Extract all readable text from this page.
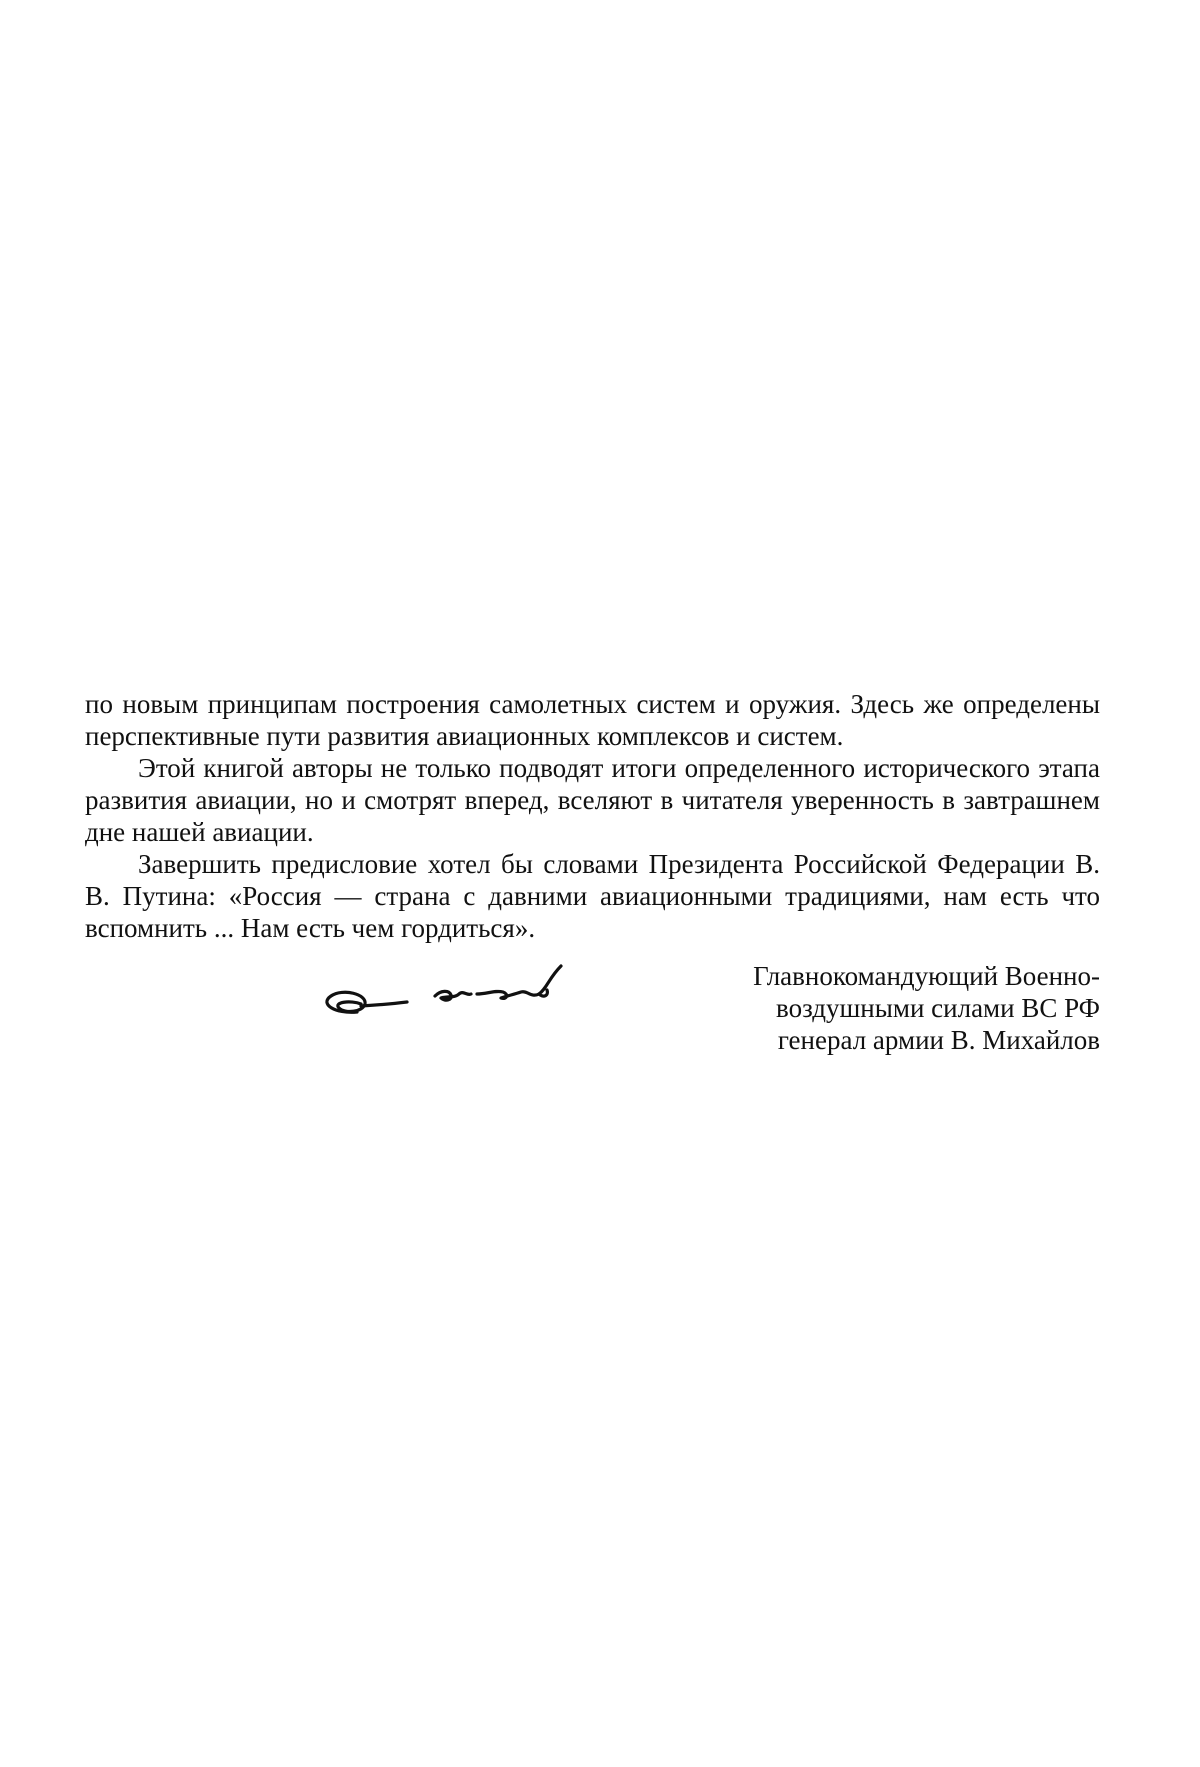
по новым принципам построения самолетных систем и оружия. Здесь же определены перспективные пути развития авиационных комплексов и систем.

Этой книгой авторы не только подводят итоги определенного исторического этапа развития авиации, но и смотрят вперед, вселяют в читателя уверенность в завтрашнем дне нашей авиации.

Завершить предисловие хотел бы словами Президента Российской Федерации В. В. Путина: «Россия — страна с давними авиационными традициями, нам есть что вспомнить ... Нам есть чем гордиться».

Главнокомандующий Военно-
воздушными силами ВС РФ
генерал армии В. Михайлов
